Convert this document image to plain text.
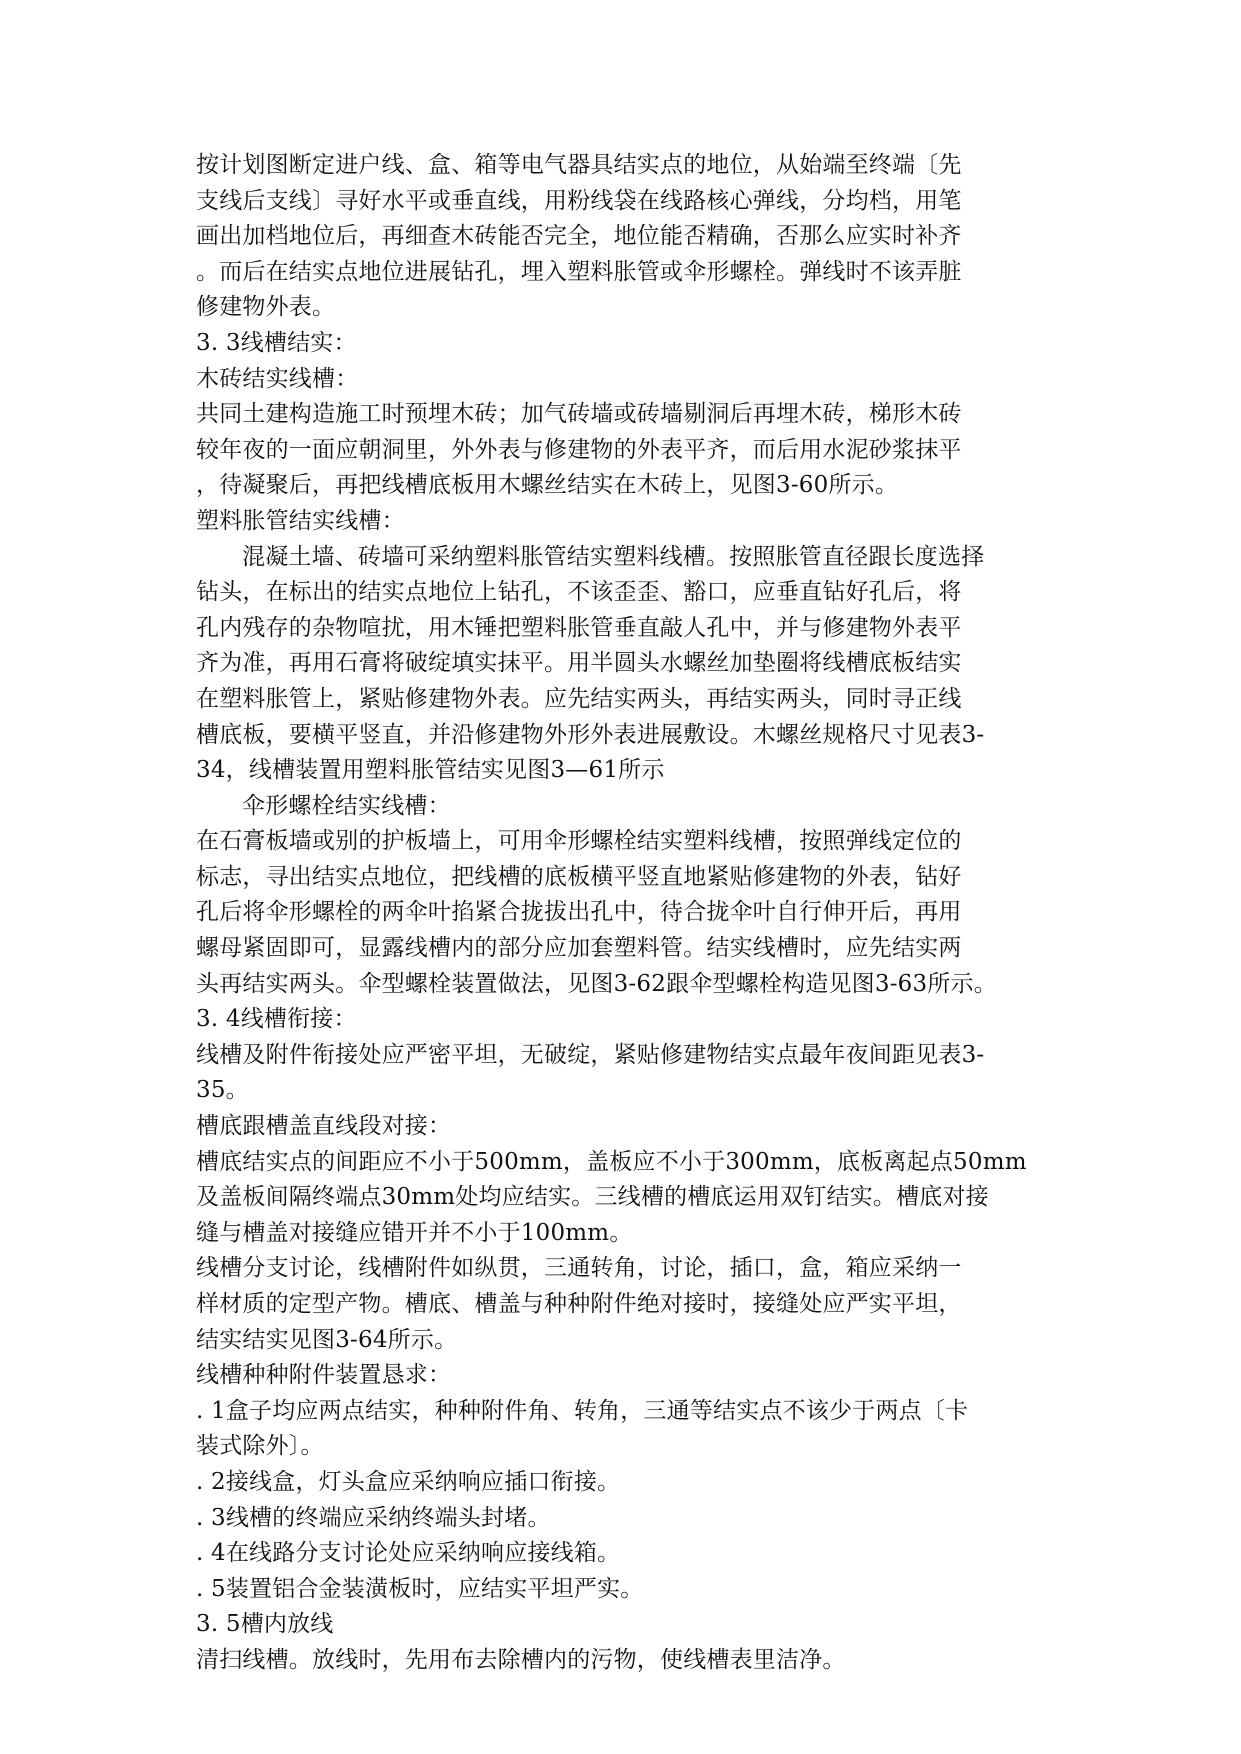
按计划图断定进户线、盒、箱等电气器具结实点的地位，从始端至终端〔先
支线后支线〕寻好水平或垂直线，用粉线袋在线路核心弹线，分均档，用笔
画出加档地位后，再细查木砖能否完全，地位能否精确，否那么应实时补齐
。而后在结实点地位进展钻孔，埋入塑料胀管或伞形螺栓。弹线时不该弄脏
修建物外表。
3. 3线槽结实：
木砖结实线槽：
共同土建构造施工时预埋木砖；加气砖墙或砖墙剔洞后再埋木砖，梯形木砖
较年夜的一面应朝洞里，外外表与修建物的外表平齐，而后用水泥砂浆抹平
，待凝聚后，再把线槽底板用木螺丝结实在木砖上，见图3-60所示。
塑料胀管结实线槽：
混凝土墙、砖墙可采纳塑料胀管结实塑料线槽。按照胀管直径跟长度选择
钻头，在标出的结实点地位上钻孔，不该歪歪、豁口，应垂直钻好孔后，将
孔内残存的杂物喧扰，用木锤把塑料胀管垂直敲人孔中，并与修建物外表平
齐为准，再用石膏将破绽填实抹平。用半圆头水螺丝加垫圈将线槽底板结实
在塑料胀管上，紧贴修建物外表。应先结实两头，再结实两头，同时寻正线
槽底板，要横平竖直，并沿修建物外形外表进展敷设。木螺丝规格尺寸见表3-
34，线槽装置用塑料胀管结实见图3—61所示
伞形螺栓结实线槽：
在石膏板墙或别的护板墙上，可用伞形螺栓结实塑料线槽，按照弹线定位的
标志，寻出结实点地位，把线槽的底板横平竖直地紧贴修建物的外表，钻好
孔后将伞形螺栓的两伞叶掐紧合拢拔出孔中，待合拢伞叶自行伸开后，再用
螺母紧固即可，显露线槽内的部分应加套塑料管。结实线槽时，应先结实两
头再结实两头。伞型螺栓装置做法，见图3-62跟伞型螺栓构造见图3-63所示。
3. 4线槽衔接：
线槽及附件衔接处应严密平坦，无破绽，紧贴修建物结实点最年夜间距见表3-
35。
槽底跟槽盖直线段对接：
槽底结实点的间距应不小于500mm，盖板应不小于300mm，底板离起点50mm
及盖板间隔终端点30mm处均应结实。三线槽的槽底运用双钉结实。槽底对接
缝与槽盖对接缝应错开并不小于100mm。
线槽分支讨论，线槽附件如纵贯，三通转角，讨论，插口，盒，箱应采纳一
样材质的定型产物。槽底、槽盖与种种附件绝对接时，接缝处应严实平坦，
结实结实见图3-64所示。
线槽种种附件装置恳求：
. 1盒子均应两点结实，种种附件角、转角，三通等结实点不该少于两点〔卡
装式除外〕。
. 2接线盒，灯头盒应采纳响应插口衔接。
. 3线槽的终端应采纳终端头封堵。
. 4在线路分支讨论处应采纳响应接线箱。
. 5装置铝合金装潢板时，应结实平坦严实。
3. 5槽内放线
清扫线槽。放线时，先用布去除槽内的污物，使线槽表里洁净。
